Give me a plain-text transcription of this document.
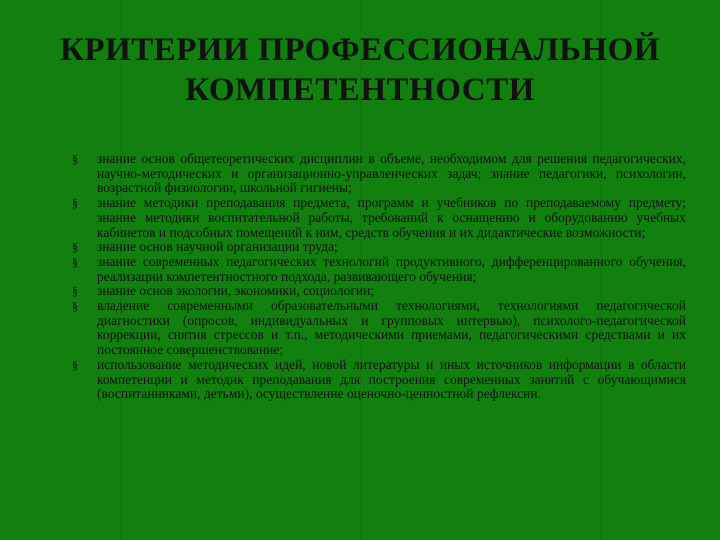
КРИТЕРИИ ПРОФЕССИОНАЛЬНОЙ
КОМПЕТЕНТНОСТИ
§ знание основ общетеоретических дисциплин в объеме, необходимом для решения педагогических, научно-методических и организационно-управленческих задач; знание педагогики, психологии, возрастной физиологии, школьной гигиены;
§ знание методики преподавания предмета, программ и учебников по преподаваемому предмету; знание методики воспитательной работы, требований к оснащению и оборудованию учебных кабинетов и подсобных помещений к ним, средств обучения и их дидактические возможности;
§ знание основ научной организации труда;
§ знание современных педагогических технологий продуктивного, дифференцированного обучения, реализации компетентностного подхода, развивающего обучения;
§ знание основ экологии, экономики, социологии;
§ владение современными образовательными технологиями, технологиями педагогической диагностики (опросов, индивидуальных и групповых интервью), психолого-педагогической коррекции, снятия стрессов и т.п., методическими приемами, педагогическими средствами и их постоянное совершенствование;
§ использование методических идей, новой литературы и иных источников информации в области компетенции и методик преподавания для построения современных занятий с обучающимися (воспитанниками, детьми), осуществление оценочно-ценностной рефлексии.
